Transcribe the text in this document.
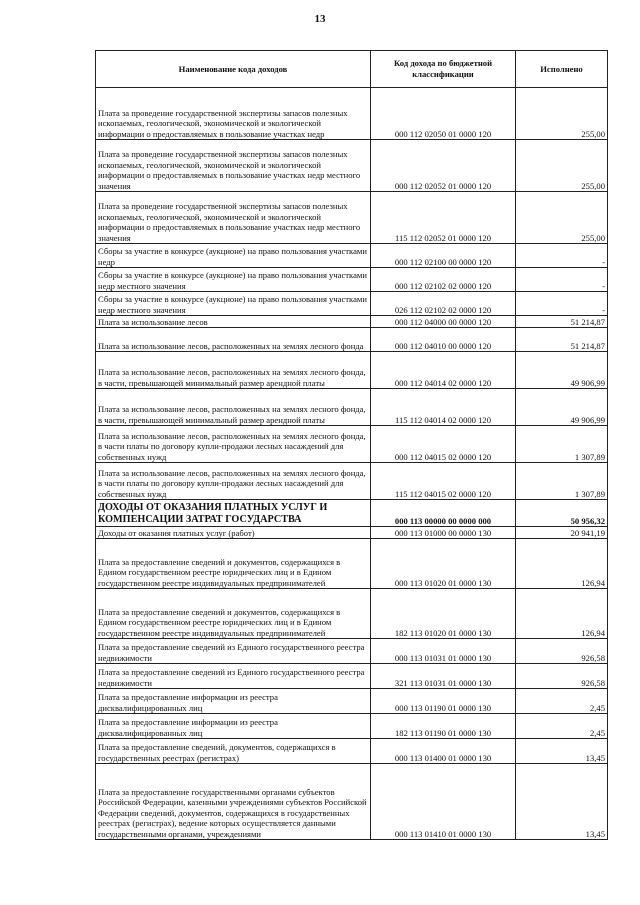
13
Наименование кода доходов	Код дохода по бюджетной классификации	Исполнено
Плата за проведение государственной экспертизы запасов полезных ископаемых, геологической, экономической и экологической информации о предоставляемых в пользование участках недр	000 112 02050 01 0000 120	255,00
Плата за проведение государственной экспертизы запасов полезных ископаемых, геологической, экономической и экологической информации о предоставляемых в пользование участках недр местного значения	000 112 02052 01 0000 120	255,00
Плата за проведение государственной экспертизы запасов полезных ископаемых, геологической, экономической и экологической информации о предоставляемых в пользование участках недр местного значения	115 112 02052 01 0000 120	255,00
Сборы за участие в конкурсе (аукционе) на право пользования участками недр	000 112 02100 00 0000 120	-
Сборы за участие в конкурсе (аукционе) на право пользования участками недр местного значения	000 112 02102 02 0000 120	-
Сборы за участие в конкурсе (аукционе) на право пользования участками недр местного значения	026 112 02102 02 0000 120	-
Плата за использование лесов	000 112 04000 00 0000 120	51 214,87
Плата за использование лесов, расположенных на землях лесного фонда	000 112 04010 00 0000 120	51 214,87
Плата за использование лесов, расположенных на землях лесного фонда, в части, превышающей минимальный размер арендной платы	000 112 04014 02 0000 120	49 906,99
Плата за использование лесов, расположенных на землях лесного фонда, в части, превышающей минимальный размер арендной платы	115 112 04014 02 0000 120	49 906,99
Плата за использование лесов, расположенных на землях лесного фонда, в части платы по договору купли-продажи лесных насаждений для собственных нужд	000 112 04015 02 0000 120	1 307,89
Плата за использование лесов, расположенных на землях лесного фонда, в части платы по договору купли-продажи лесных насаждений для собственных нужд	115 112 04015 02 0000 120	1 307,89
ДОХОДЫ ОТ ОКАЗАНИЯ ПЛАТНЫХ УСЛУГ И КОМПЕНСАЦИИ ЗАТРАТ ГОСУДАРСТВА	000 113 00000 00 0000 000	50 956,32
Доходы от оказания платных услуг (работ)	000 113 01000 00 0000 130	20 941,19
Плата за предоставление сведений и документов, содержащихся в Едином государственном реестре юридических лиц и в Едином государственном реестре индивидуальных предпринимателей	000 113 01020 01 0000 130	126,94
Плата за предоставление сведений и документов, содержащихся в Едином государственном реестре юридических лиц и в Едином государственном реестре индивидуальных предпринимателей	182 113 01020 01 0000 130	126,94
Плата за предоставление сведений из Единого государственного реестра недвижимости	000 113 01031 01 0000 130	926,58
Плата за предоставление сведений из Единого государственного реестра недвижимости	321 113 01031 01 0000 130	926,58
Плата за предоставление информации из реестра дисквалифицированных лиц	000 113 01190 01 0000 130	2,45
Плата за предоставление информации из реестра дисквалифицированных лиц	182 113 01190 01 0000 130	2,45
Плата за предоставление сведений, документов, содержащихся в государственных реестрах (регистрах)	000 113 01400 01 0000 130	13,45
Плата за предоставление государственными органами субъектов Российской Федерации, казенными учреждениями субъектов Российской Федерации сведений, документов, содержащихся в государственных реестрах (регистрах), ведение которых осуществляется данными государственными органами, учреждениями	000 113 01410 01 0000 130	13,45
